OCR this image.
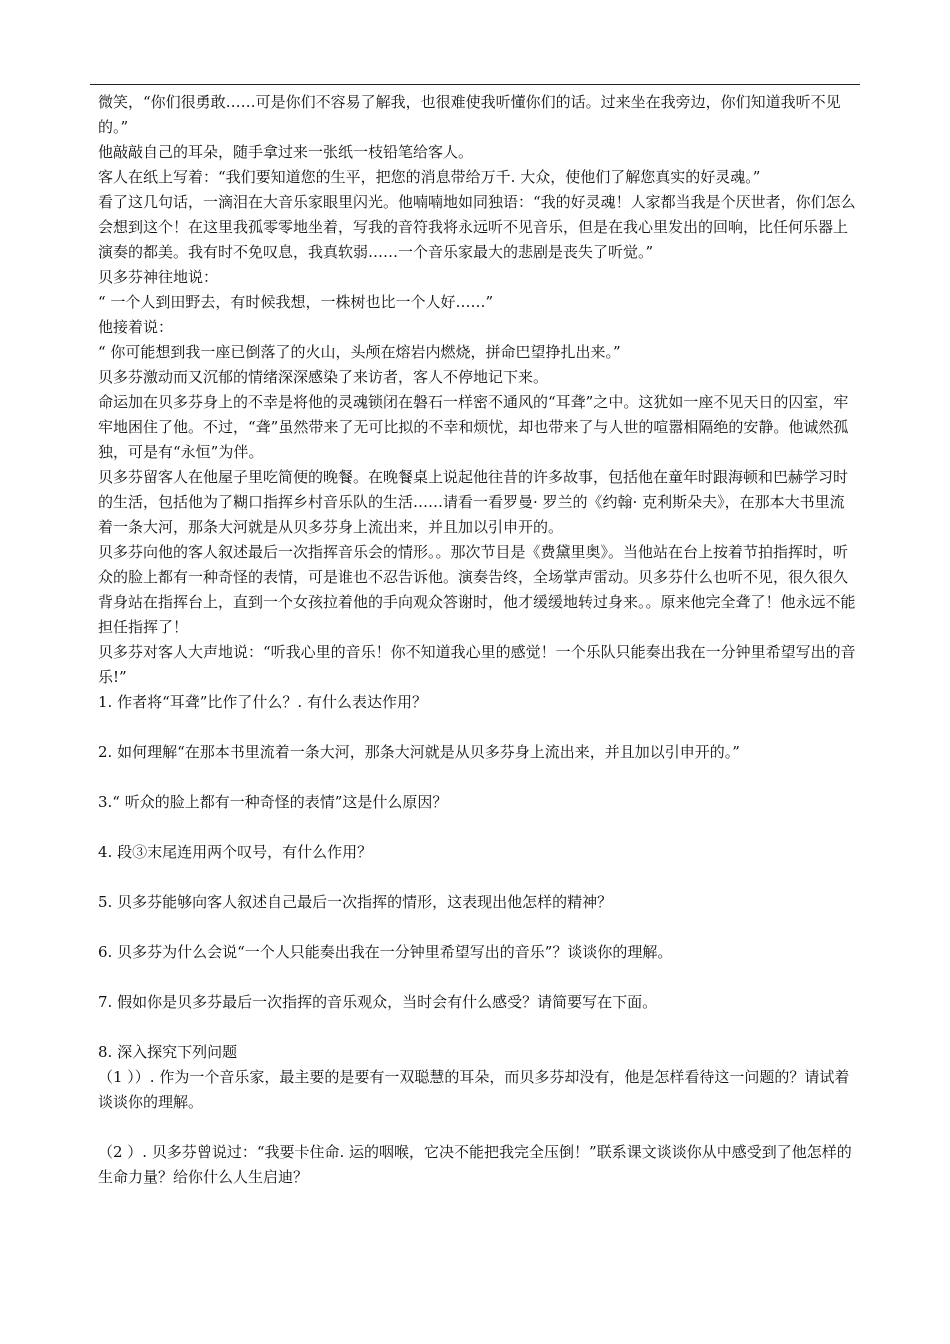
微笑，“你们很勇敢……可是你们不容易了解我，也很难使我听懂你们的话。过来坐在我旁边，你们知道我听不见的。”

他敲敲自己的耳朵，随手拿过来一张纸一枝铅笔给客人。

客人在纸上写着：“我们要知道您的生平，把您的消息带给万千. 大众，使他们了解您真实的好灵魂。”

看了这几句话，一滴泪在大音乐家眼里闪光。他喃喃地如同独语：“我的好灵魂！人家都当我是个厌世者，你们怎么会想到这个！在这里我孤零零地坐着，写我的音符我将永远听不见音乐，但是在我心里发出的回响，比任何乐器上演奏的都美。我有时不免叹息，我真软弱……一个音乐家最大的悲剧是丧失了听觉。”

贝多芬神往地说：

“ 一个人到田野去，有时候我想，一株树也比一个人好……”

他接着说：

“ 你可能想到我一座已倒落了的火山，头颅在熔岩内燃烧，拼命巴望挣扎出来。”

贝多芬激动而又沉郁的情绪深深感染了来访者，客人不停地记下来。

命运加在贝多芬身上的不幸是将他的灵魂锁闭在磐石一样密不通风的“耳聋”之中。这犹如一座不见天日的囚室，牢牢地困住了他。不过，“聋”虽然带来了无可比拟的不幸和烦忧，却也带来了与人世的喧嚣相隔绝的安静。他诚然孤独，可是有“永恒”为伴。

贝多芬留客人在他屋子里吃简便的晚餐。在晚餐桌上说起他往昔的许多故事，包括他在童年时跟海顿和巴赫学习时的生活，包括他为了糊口指挥乡村音乐队的生活……请看一看罗曼· 罗兰的《约翰· 克利斯朵夫》，在那本大书里流着一条大河，那条大河就是从贝多芬身上流出来，并且加以引申开的。

贝多芬向他的客人叙述最后一次指挥音乐会的情形。。那次节目是《费黛里奥》。当他站在台上按着节拍指挥时，听众的脸上都有一种奇怪的表情，可是谁也不忍告诉他。演奏告终，全场掌声雷动。贝多芬什么也听不见，很久很久背身站在指挥台上，直到一个女孩拉着他的手向观众答谢时，他才缓缓地转过身来。。原来他完全聋了！他永远不能担任指挥了！

贝多芬对客人大声地说：“听我心里的音乐！你不知道我心里的感觉！一个乐队只能奏出我在一分钟里希望写出的音乐!”

1. 作者将“耳聋”比作了什么？. 有什么表达作用？

2. 如何理解“在那本书里流着一条大河，那条大河就是从贝多芬身上流出来，并且加以引申开的。”

3.“ 听众的脸上都有一种奇怪的表情”这是什么原因？

4. 段③末尾连用两个叹号，有什么作用？

5. 贝多芬能够向客人叙述自己最后一次指挥的情形，这表现出他怎样的精神？

6. 贝多芬为什么会说“一个人只能奏出我在一分钟里希望写出的音乐”？谈谈你的理解。

7. 假如你是贝多芬最后一次指挥的音乐观众，当时会有什么感受？请简要写在下面。

8. 深入探究下列问题

（1 ））. 作为一个音乐家，最主要的是要有一双聪慧的耳朵，而贝多芬却没有，他是怎样看待这一问题的？请试着谈谈你的理解。

（2 ）. 贝多芬曾说过：“我要卡住命. 运的咽喉，它决不能把我完全压倒！”联系课文谈谈你从中感受到了他怎样的生命力量？给你什么人生启迪？
